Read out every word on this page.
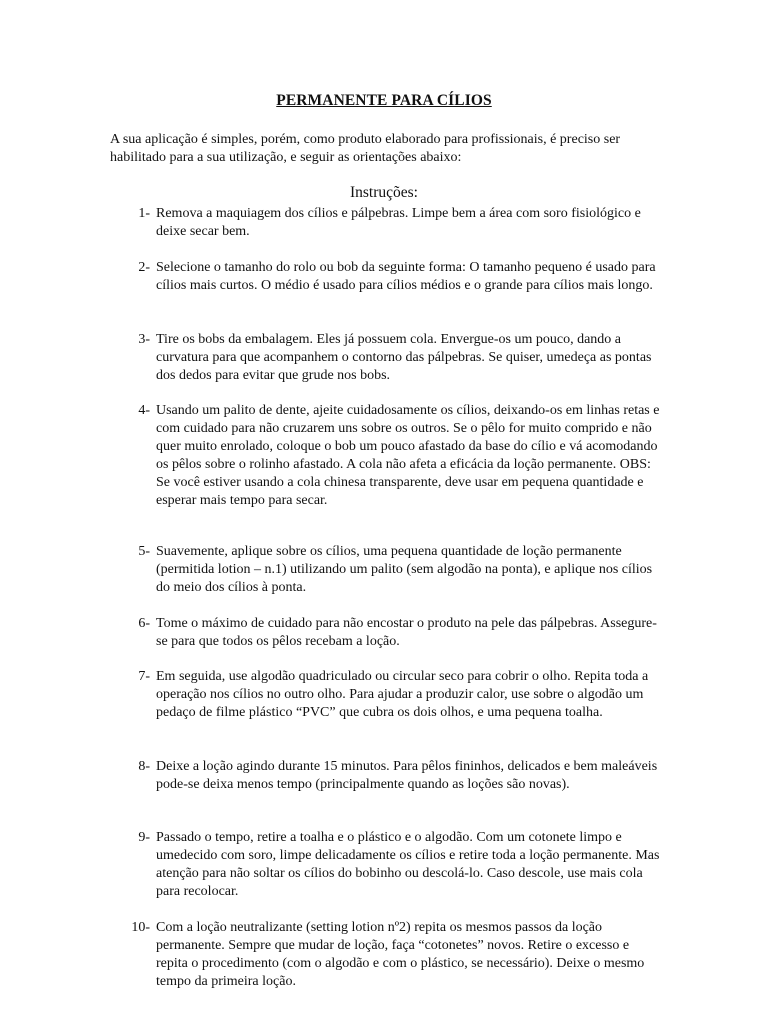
PERMANENTE PARA CÍLIOS
A sua aplicação é simples, porém, como produto elaborado para profissionais, é preciso ser habilitado para a sua utilização, e seguir as orientações abaixo:
Instruções:
1- Remova a maquiagem dos cílios e pálpebras. Limpe bem a área com soro fisiológico e deixe secar bem.
2- Selecione o tamanho do rolo ou bob da seguinte forma: O tamanho pequeno é usado para cílios mais curtos. O médio é usado para cílios médios e o grande para cílios mais longo.
3- Tire os bobs da embalagem. Eles já possuem cola. Envergue-os um pouco, dando a curvatura para que acompanhem o contorno das pálpebras. Se quiser, umedeça as pontas dos dedos para evitar que grude nos bobs.
4- Usando um palito de dente, ajeite cuidadosamente os cílios, deixando-os em linhas retas e com cuidado para não cruzarem uns sobre os outros. Se o pêlo for muito comprido e não quer muito enrolado, coloque o bob um pouco afastado da base do cílio e vá acomodando os pêlos sobre o rolinho afastado. A cola não afeta a eficácia da loção permanente. OBS: Se você estiver usando a cola chinesa transparente, deve usar em pequena quantidade e esperar mais tempo para secar.
5- Suavemente, aplique sobre os cílios, uma pequena quantidade de loção permanente (permitida lotion – n.1) utilizando um palito (sem algodão na ponta), e aplique nos cílios do meio dos cílios à ponta.
6- Tome o máximo de cuidado para não encostar o produto na pele das pálpebras. Assegure-se para que todos os pêlos recebam a loção.
7- Em seguida, use algodão quadriculado ou circular seco para cobrir o olho. Repita toda a operação nos cílios no outro olho. Para ajudar a produzir calor, use sobre o algodão um pedaço de filme plástico “PVC” que cubra os dois olhos, e uma pequena toalha.
8- Deixe a loção agindo durante 15 minutos. Para pêlos fininhos, delicados e bem maleáveis pode-se deixa menos tempo (principalmente quando as loções são novas).
9- Passado o tempo, retire a toalha e o plástico e o algodão. Com um cotonete limpo e umedecido com soro, limpe delicadamente os cílios e retire toda a loção permanente. Mas atenção para não soltar os cílios do bobinho ou descolá-lo. Caso descole, use mais cola para recolocar.
10- Com a loção neutralizante (setting lotion nº2) repita os mesmos passos da loção permanente. Sempre que mudar de loção, faça “cotonetes” novos. Retire o excesso e repita o procedimento (com o algodão e com o plástico, se necessário). Deixe o mesmo tempo da primeira loção.
